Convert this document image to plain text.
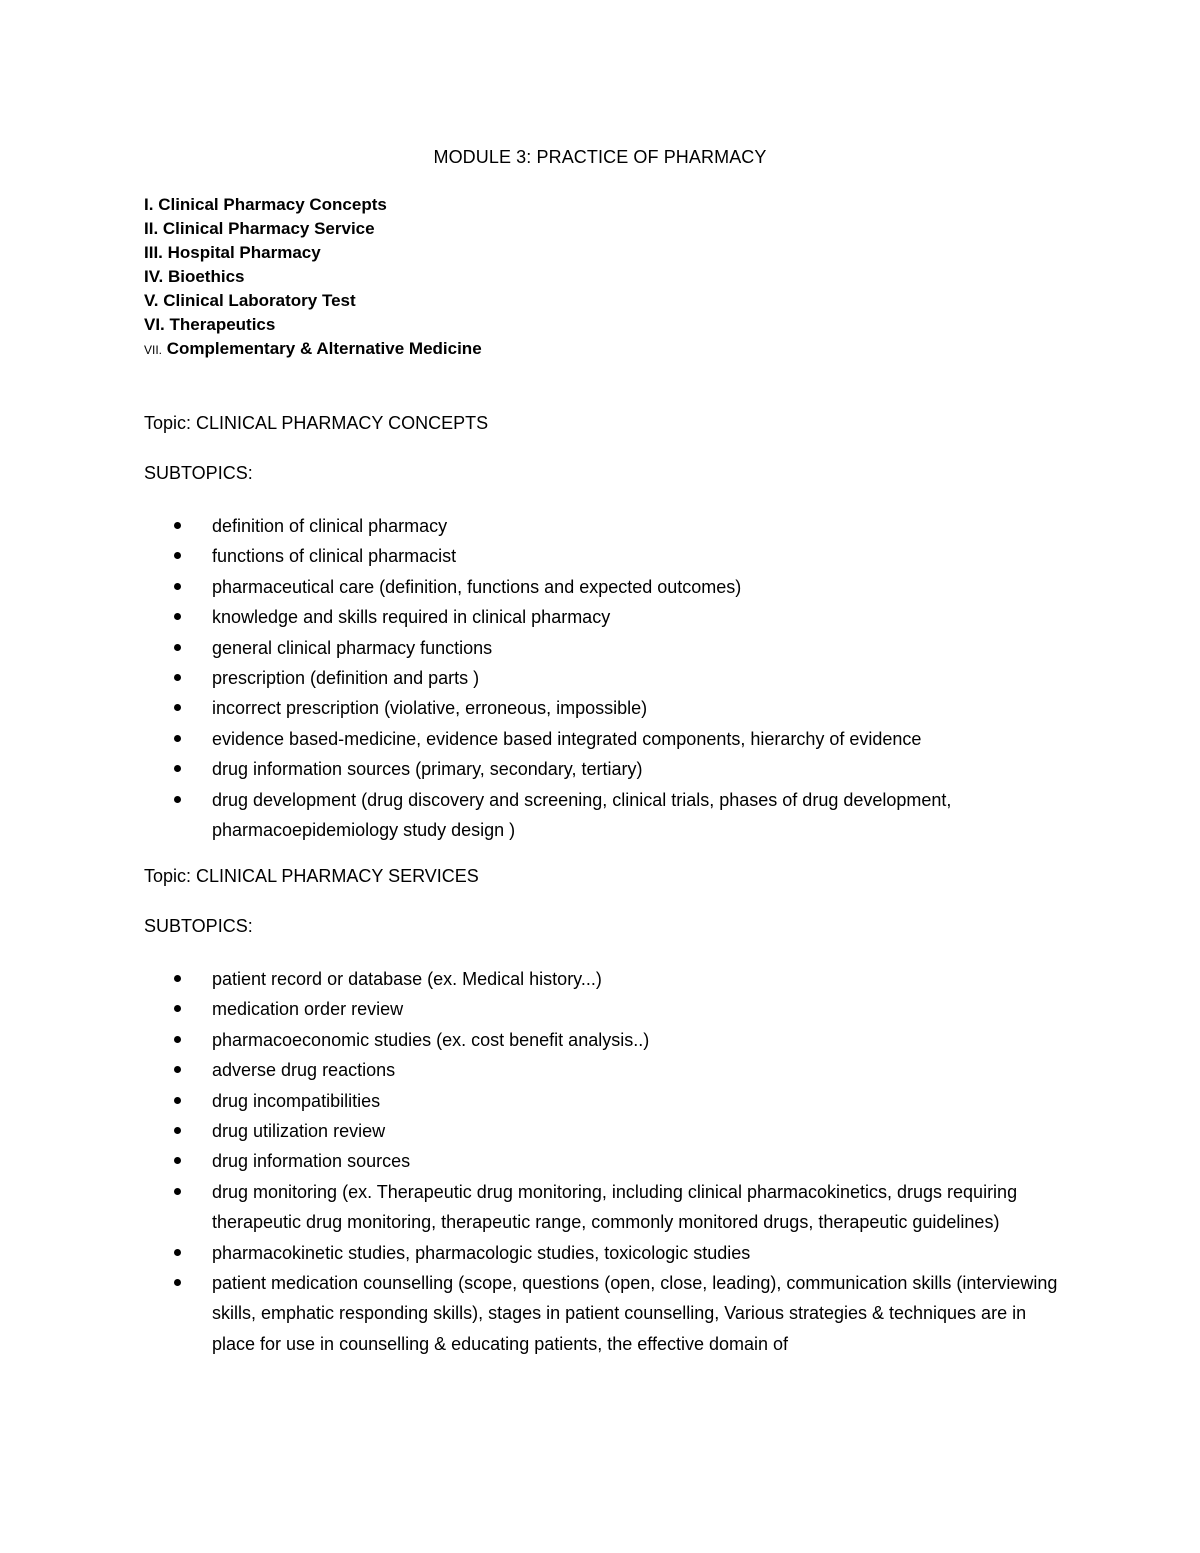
MODULE 3: PRACTICE OF PHARMACY
I. Clinical Pharmacy Concepts
II. Clinical Pharmacy Service
III. Hospital Pharmacy
IV. Bioethics
V. Clinical Laboratory Test
VI. Therapeutics
VII. Complementary & Alternative Medicine
Topic: CLINICAL PHARMACY CONCEPTS
SUBTOPICS:
definition of clinical pharmacy
functions of clinical pharmacist
pharmaceutical care (definition, functions and expected outcomes)
knowledge and skills required in clinical pharmacy
general clinical pharmacy functions
prescription (definition and parts )
incorrect prescription (violative, erroneous, impossible)
evidence based-medicine, evidence based integrated components, hierarchy of evidence
drug information sources (primary, secondary, tertiary)
drug development (drug discovery and screening, clinical trials, phases of drug development, pharmacoepidemiology study design )
Topic: CLINICAL PHARMACY SERVICES
SUBTOPICS:
patient record or database (ex. Medical history...)
medication order review
pharmacoeconomic studies (ex. cost benefit analysis..)
adverse drug reactions
drug incompatibilities
drug utilization review
drug information sources
drug monitoring (ex. Therapeutic drug monitoring, including clinical pharmacokinetics, drugs requiring therapeutic drug monitoring, therapeutic range, commonly monitored drugs, therapeutic guidelines)
pharmacokinetic studies, pharmacologic studies, toxicologic studies
patient medication counselling (scope, questions (open, close, leading), communication skills (interviewing skills, emphatic responding skills), stages in patient counselling, Various strategies & techniques are in place for use in counselling & educating patients, the effective domain of
